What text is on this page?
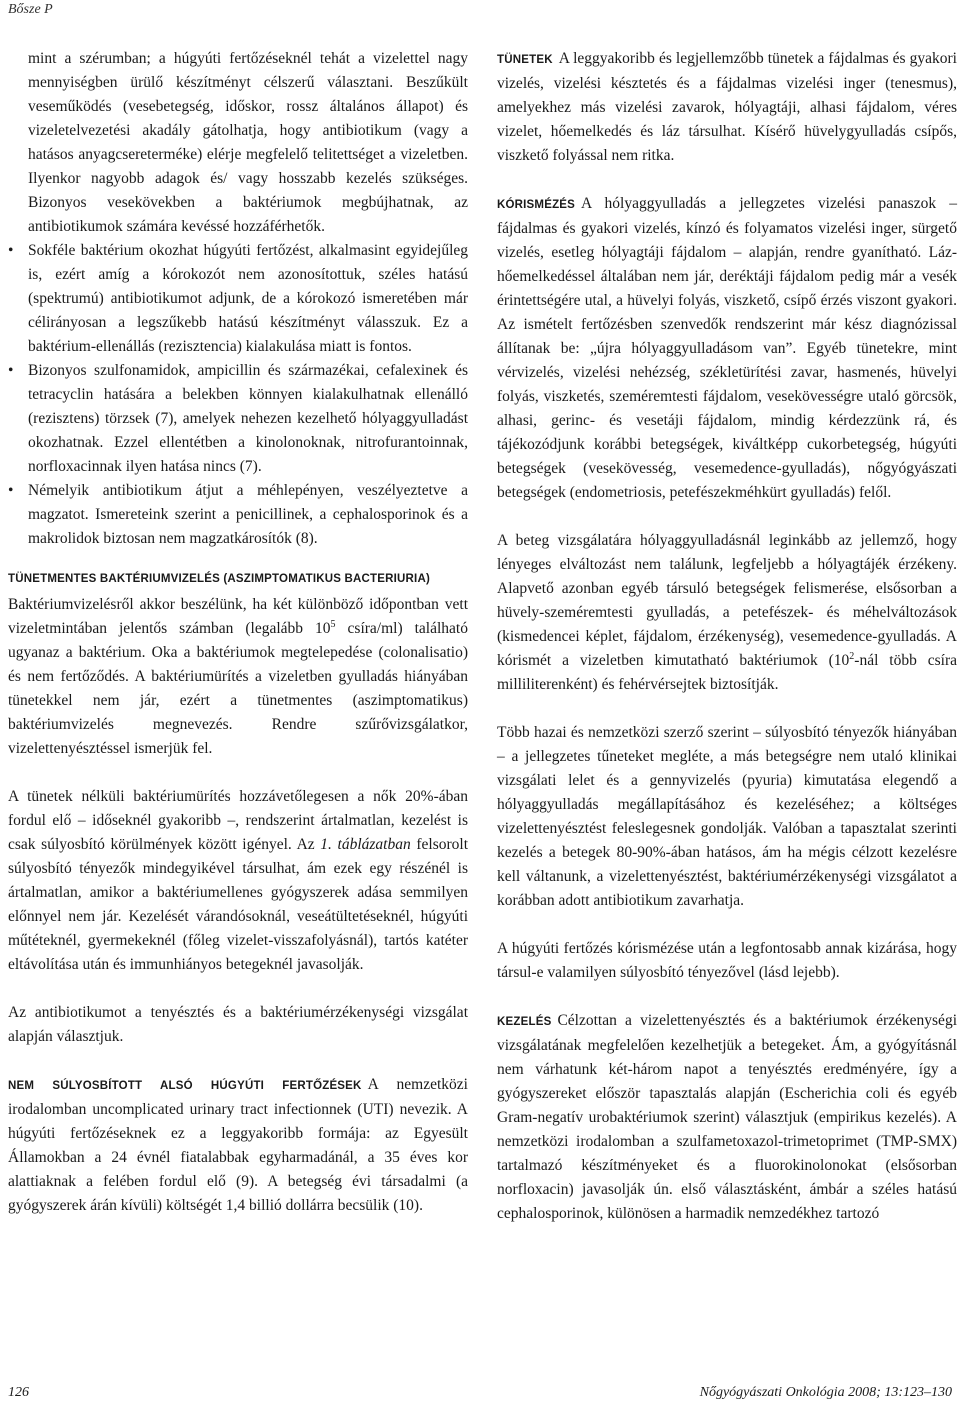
Bősze P

mint a szérumban; a húgyúti fertőzéseknél tehát a vizelettel nagy mennyiségben ürülő készítményt célszerű választani. Beszűkült veseműködés (vesebetegség, időskor, rossz általános állapot) és vizeletelvezetési akadály gátolhatja, hogy antibiotikum (vagy a hatásos anyagcsereterméke) elérje megfelelő telitettséget a vizeletben. Ilyenkor nagyobb adagok és/ vagy hosszabb kezelés szükséges. Bizonyos vesekövekben a baktériumok megbújhatnak, az antibiotikumok számára kevéssé hozzáférhetők.

• Sokféle baktérium okozhat húgyúti fertőzést, alkalmasint egyidejűleg is, ezért amíg a kórokozót nem azonosítottuk, széles hatású (spektrumú) antibiotikumot adjunk, de a kórokozó ismeretében már célirányosan a legszűkebb hatású készítményt válasszuk. Ez a baktérium-ellenállás (rezisztencia) kialakulása miatt is fontos.

• Bizonyos szulfonamidok, ampicillin és származékai, cefalexinek és tetracyclin hatására a belekben könnyen kialakulhatnak ellenálló (rezisztens) törzsek (7), amelyek nehezen kezelhető hólyaggyulladást okozhatnak. Ezzel ellentétben a kinolonoknak, nitrofurantoinnak, norfloxacinnak ilyen hatása nincs (7).

• Némelyik antibiotikum átjut a méhlepényen, veszélyeztetve a magzatot. Ismereteink szerint a penicillinek, a cephalosporinok és a makrolidok biztosan nem magzatkárosítók (8).

TÜNETMENTES BAKTÉRIUMVIZELÉS (ASZIMPTOMATIKUS BACTERIURIA)

Baktériumvizelésről akkor beszélünk, ha két különböző időpontban vett vizeletmintában jelentős számban (legalább $10^5$ csíra/ml) található ugyanaz a baktérium. Oka a baktériumok megtelepedése (colonalisatio) és nem fertőződés. A baktériumürítés a vizeletben gyulladás hiányában tünetekkel nem jár, ezért a tünetmentes (aszimptomatikus) baktériumvizelés megnevezés. Rendre szűrővizsgálatkor, vizelettenyésztéssel ismerjük fel.

A tünetek nélküli baktériumürítés hozzávetőlegesen a nők 20%-ában fordul elő – időseknél gyakoribb –, rendszerint ártalmatlan, kezelést is csak súlyosbító körülmények között igényel. Az 1. táblázatban felsorolt súlyosbító tényezők mindegyikével társulhat, ám ezek egy részénél is ártalmatlan, amikor a baktériumellenes gyógyszerek adása semmilyen előnnyel nem jár. Kezelését várandósoknál, veseátültetéseknél, húgyúti műtéteknél, gyermekeknél (főleg vizelet-visszafolyásnál), tartós katéter eltávolítása után és immunhiányos betegeknél javasolják.

Az antibiotikumot a tenyésztés és a baktériumérzékenységi vizsgálat alapján választjuk.

NEM SÚLYOSBÍTOTT ALSÓ HÚGYÚTI FERTŐZÉSEK A nemzetközi irodalomban uncomplicated urinary tract infectionnek (UTI) nevezik. A húgyúti fertőzéseknek ez a leggyakoribb formája: az Egyesült Államokban a 24 évnél fiatalabbak egyharmadánál, a 35 éves kor alattiaknak a felében fordul elő (9). A betegség évi társadalmi (a gyógyszerek árán kívüli) költségét 1,4 billió dollárra becsülik (10).

TÜNETEK A leggyakoribb és legjellemzőbb tünetek a fájdalmas és gyakori vizelés, vizelési késztetés és a fájdalmas vizelési inger (tenesmus), amelyekhez más vizelési zavarok, hólyagtáji, alhasi fájdalom, véres vizelet, hőemelkedés és láz társulhat. Kísérő hüvelygyulladás csípős, viszkető folyással nem ritka.

KÓRISMÉZÉS A hólyaggyulladás a jellegzetes vizelési panaszok – fájdalmas és gyakori vizelés, kínzó és folyamatos vizelési inger, sürgető vizelés, esetleg hólyagtáji fájdalom – alapján, rendre gyanítható. Láz-hőemelkedéssel általában nem jár, deréktáji fájdalom pedig már a vesék érintettségére utal, a hüvelyi folyás, viszkető, csípő érzés viszont gyakori. Az ismételt fertőzésben szenvedők rendszerint már kész diagnózissal állítanak be: „újra hólyaggyulladásom van”. Egyéb tünetekre, mint vérvizelés, vizelési nehézség, székletürítési zavar, hasmenés, hüvelyi folyás, viszketés, szeméremtesti fájdalom, vesekövességre utaló görcsök, alhasi, gerinc- és vesetáji fájdalom, mindig kérdezzünk rá, és tájékozódjunk korábbi betegségek, kiváltképp cukorbetegség, húgyúti betegségek (vesekövesség, vesemedence-gyulladás), nőgyógyászati betegségek (endometriosis, petefészekméhkürt gyulladás) felől.

A beteg vizsgálatára hólyaggyulladásnál leginkább az jellemző, hogy lényeges elváltozást nem találunk, legfeljebb a hólyagtájék érzékeny. Alapvető azonban egyéb társuló betegségek felismerése, elsősorban a hüvely-szeméremtesti gyulladás, a petefészek- és méhelváltozások (kismedencei képlet, fájdalom, érzékenység), vesemedence-gyulladás. A kórismét a vizeletben kimutatható baktériumok ($10^2$-nál több csíra milliliterenként) és fehérvérsejtek biztosítják.

Több hazai és nemzetközi szerző szerint – súlyosbító tényezők hiányában – a jellegzetes tűneteket megléte, a más betegségre nem utaló klinikai vizsgálati lelet és a gennyvizelés (pyuria) kimutatása elegendő a hólyaggyulladás megállapításához és kezeléséhez; a költséges vizelettenyésztést feleslegesnek gondolják. Valóban a tapasztalat szerinti kezelés a betegek 80-90%-ában hatásos, ám ha mégis célzott kezelésre kell váltanunk, a vizelettenyésztést, baktériumérzékenységi vizsgálatot a korábban adott antibiotikum zavarhatja.

A húgyúti fertőzés kórismézése után a legfontosabb annak kizárása, hogy társul-e valamilyen súlyosbító tényezővel (lásd lejebb).

KEZELÉS Célzottan a vizelettenyésztés és a baktériumok érzékenységi vizsgálatának megfelelően kezelhetjük a betegeket. Ám, a gyógyításnál nem várhatunk két-három napot a tenyésztés eredményére, így a gyógyszereket először tapasztalás alapján (Escherichia coli és egyéb Gram-negatív urobaktériumok szerint) választjuk (empirikus kezelés). A nemzetközi irodalomban a szulfametoxazol-trimetoprimet (TMP-SMX) tartalmazó készítményeket és a fluorokinolonokat (elsősorban norfloxacin) javasolják ún. első választásként, ámbár a széles hatású cephalosporinok, különösen a harmadik nemzedékhez tartozó

126	Nőgyógyászati Onkológia 2008; 13:123–130
